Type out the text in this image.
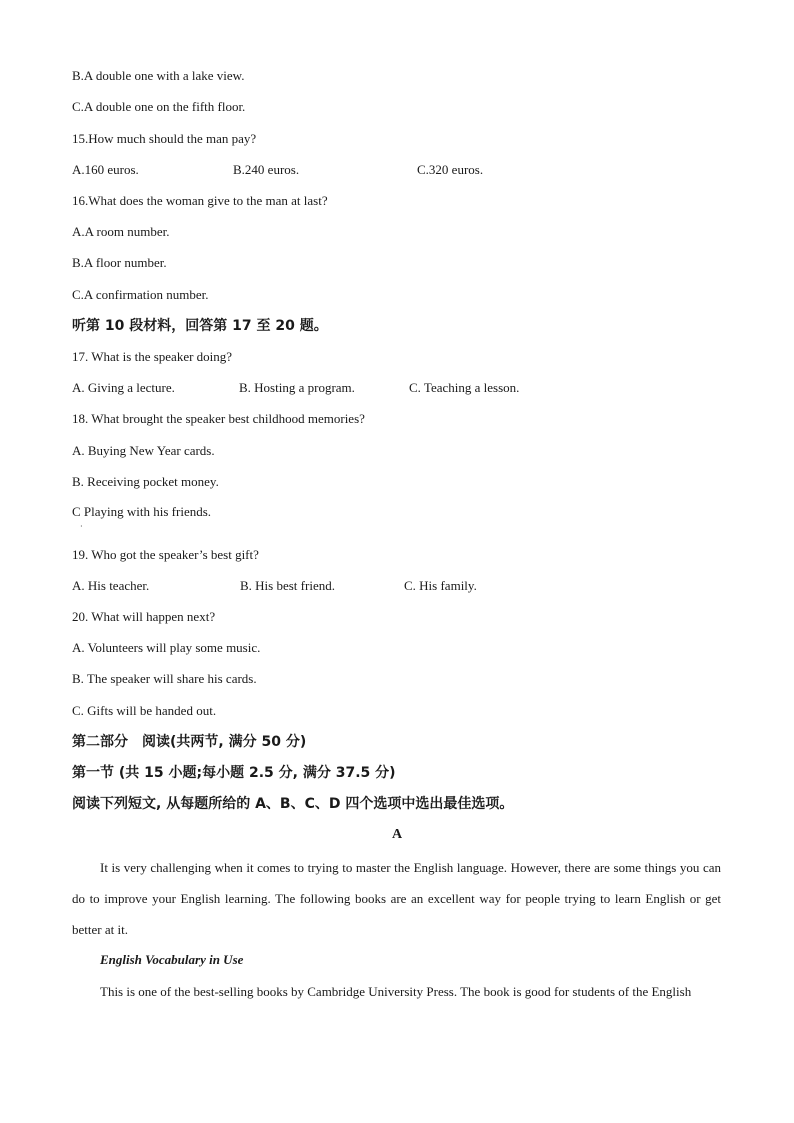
B.A double one with a lake view.
C.A double one on the fifth floor.
15.How much should the man pay?
A.160 euros.	B.240 euros.	C.320 euros.
16.What does the woman give to the man at last?
A.A room number.
B.A floor number.
C.A confirmation number.
听第 10 段材料，回答第 17 至 20 题。
17. What is the speaker doing?
A. Giving a lecture.	B. Hosting a program.	C. Teaching a lesson.
18. What brought the speaker best childhood memories?
A. Buying New Year cards.
B. Receiving pocket money.
C Playing with his friends.
·
19. Who got the speaker’s best gift?
A. His teacher.	B. His best friend.	C. His family.
20. What will happen next?
A. Volunteers will play some music.
B. The speaker will share his cards.
C. Gifts will be handed out.
第二部分　阅读(共两节, 满分 50 分)
第一节 (共 15 小题;每小题 2.5 分, 满分 37.5 分)
阅读下列短文, 从每题所给的 A、B、C、D 四个选项中选出最佳选项。
A
It is very challenging when it comes to trying to master the English language. However, there are some things you can do to improve your English learning. The following books are an excellent way for people trying to learn English or get better at it.
English Vocabulary in Use
This is one of the best-selling books by Cambridge University Press. The book is good for students of the English
